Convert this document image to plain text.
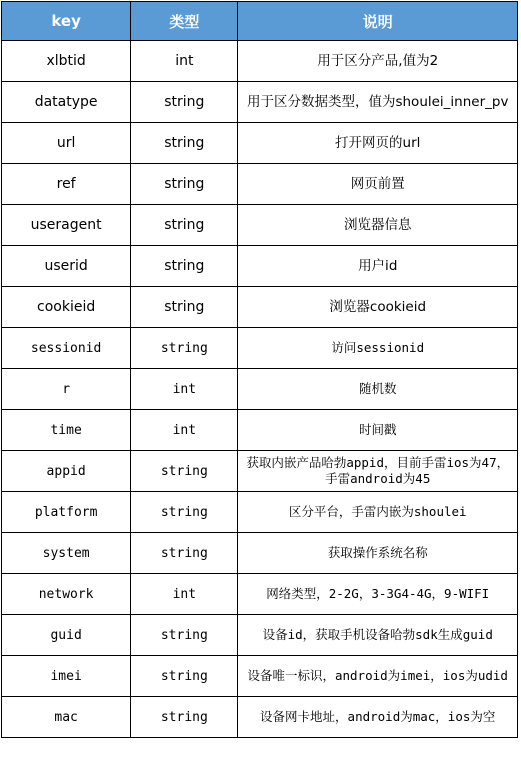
key	类型	说明
xlbtid	int	用于区分产品,值为2
datatype	string	用于区分数据类型，值为shoulei_inner_pv
url	string	打开网页的url
ref	string	网页前置
useragent	string	浏览器信息
userid	string	用户id
cookieid	string	浏览器cookieid
sessionid	string	访问sessionid
r	int	随机数
time	int	时间戳
appid	string	获取内嵌产品哈勃appid，目前手雷ios为47，手雷android为45
platform	string	区分平台，手雷内嵌为shoulei
system	string	获取操作系统名称
network	int	网络类型，2-2G，3-3G4-4G，9-WIFI
guid	string	设备id，获取手机设备哈勃sdk生成guid
imei	string	设备唯一标识，android为imei，ios为udid
mac	string	设备网卡地址，android为mac，ios为空
